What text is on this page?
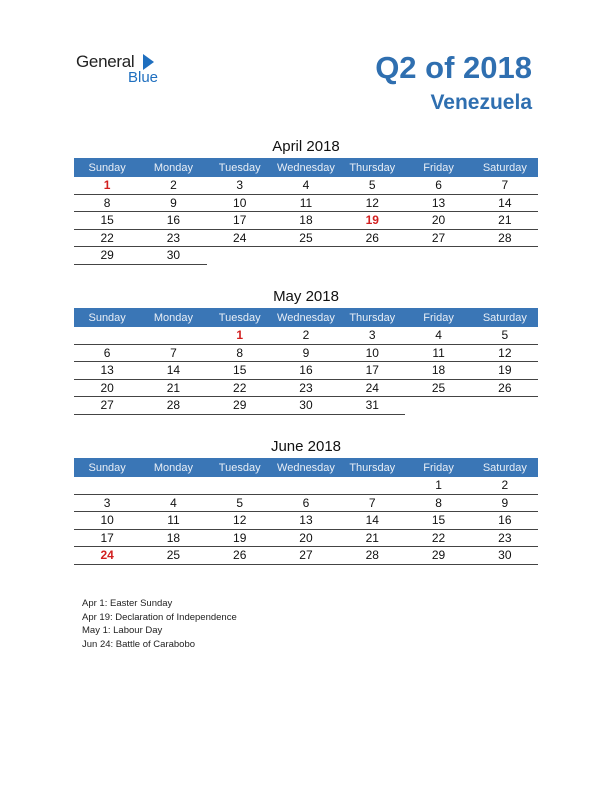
General
Blue	Q2 of 2018
Venezuela
April 2018
Sunday	Monday	Tuesday	Wednesday	Thursday	Friday	Saturday
1	2	3	4	5	6	7
8	9	10	11	12	13	14
15	16	17	18	19	20	21
22	23	24	25	26	27	28
29	30					
May 2018
Sunday	Monday	Tuesday	Wednesday	Thursday	Friday	Saturday
		1	2	3	4	5
6	7	8	9	10	11	12
13	14	15	16	17	18	19
20	21	22	23	24	25	26
27	28	29	30	31		
June 2018
Sunday	Monday	Tuesday	Wednesday	Thursday	Friday	Saturday
					1	2
3	4	5	6	7	8	9
10	11	12	13	14	15	16
17	18	19	20	21	22	23
24	25	26	27	28	29	30
Apr 1: Easter Sunday
Apr 19: Declaration of Independence
May 1: Labour Day
Jun 24: Battle of Carabobo
